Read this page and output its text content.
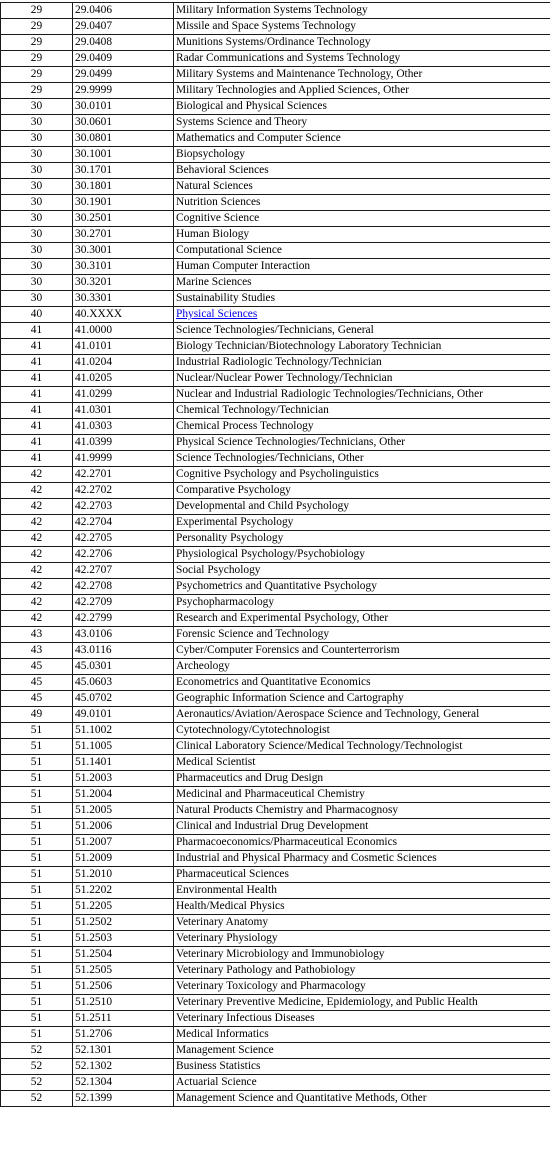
29	29.0406	Military Information Systems Technology
29	29.0407	Missile and Space Systems Technology
29	29.0408	Munitions Systems/Ordinance Technology
29	29.0409	Radar Communications and Systems Technology
29	29.0499	Military Systems and Maintenance Technology, Other
29	29.9999	Military Technologies and Applied Sciences, Other
30	30.0101	Biological and Physical Sciences
30	30.0601	Systems Science and Theory
30	30.0801	Mathematics and Computer Science
30	30.1001	Biopsychology
30	30.1701	Behavioral Sciences
30	30.1801	Natural Sciences
30	30.1901	Nutrition Sciences
30	30.2501	Cognitive Science
30	30.2701	Human Biology
30	30.3001	Computational Science
30	30.3101	Human Computer Interaction
30	30.3201	Marine Sciences
30	30.3301	Sustainability Studies
40	40.XXXX	Physical Sciences
41	41.0000	Science Technologies/Technicians, General
41	41.0101	Biology Technician/Biotechnology Laboratory Technician
41	41.0204	Industrial Radiologic Technology/Technician
41	41.0205	Nuclear/Nuclear Power Technology/Technician
41	41.0299	Nuclear and Industrial Radiologic Technologies/Technicians, Other
41	41.0301	Chemical Technology/Technician
41	41.0303	Chemical Process Technology
41	41.0399	Physical Science Technologies/Technicians, Other
41	41.9999	Science Technologies/Technicians, Other
42	42.2701	Cognitive Psychology and Psycholinguistics
42	42.2702	Comparative Psychology
42	42.2703	Developmental and Child Psychology
42	42.2704	Experimental Psychology
42	42.2705	Personality Psychology
42	42.2706	Physiological Psychology/Psychobiology
42	42.2707	Social Psychology
42	42.2708	Psychometrics and Quantitative Psychology
42	42.2709	Psychopharmacology
42	42.2799	Research and Experimental Psychology, Other
43	43.0106	Forensic Science and Technology
43	43.0116	Cyber/Computer Forensics and Counterterrorism
45	45.0301	Archeology
45	45.0603	Econometrics and Quantitative Economics
45	45.0702	Geographic Information Science and Cartography
49	49.0101	Aeronautics/Aviation/Aerospace Science and Technology, General
51	51.1002	Cytotechnology/Cytotechnologist
51	51.1005	Clinical Laboratory Science/Medical Technology/Technologist
51	51.1401	Medical Scientist
51	51.2003	Pharmaceutics and Drug Design
51	51.2004	Medicinal and Pharmaceutical Chemistry
51	51.2005	Natural Products Chemistry and Pharmacognosy
51	51.2006	Clinical and Industrial Drug Development
51	51.2007	Pharmacoeconomics/Pharmaceutical Economics
51	51.2009	Industrial and Physical Pharmacy and Cosmetic Sciences
51	51.2010	Pharmaceutical Sciences
51	51.2202	Environmental Health
51	51.2205	Health/Medical Physics
51	51.2502	Veterinary Anatomy
51	51.2503	Veterinary Physiology
51	51.2504	Veterinary Microbiology and Immunobiology
51	51.2505	Veterinary Pathology and Pathobiology
51	51.2506	Veterinary Toxicology and Pharmacology
51	51.2510	Veterinary Preventive Medicine, Epidemiology, and Public Health
51	51.2511	Veterinary Infectious Diseases
51	51.2706	Medical Informatics
52	52.1301	Management Science
52	52.1302	Business Statistics
52	52.1304	Actuarial Science
52	52.1399	Management Science and Quantitative Methods, Other
